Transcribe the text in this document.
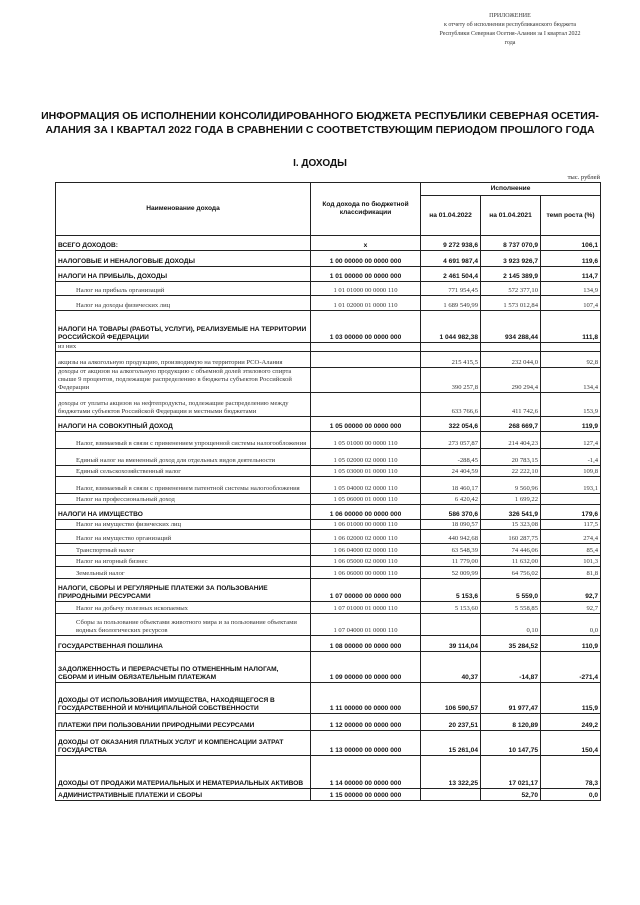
ПРИЛОЖЕНИЕ
к отчету об исполнении республиканского бюджета
Республики Северная Осетия-Алания за I квартал 2022
года
ИНФОРМАЦИЯ ОБ ИСПОЛНЕНИИ КОНСОЛИДИРОВАННОГО БЮДЖЕТА РЕСПУБЛИКИ СЕВЕРНАЯ ОСЕТИЯ-АЛАНИЯ ЗА I КВАРТАЛ 2022 ГОДА В СРАВНЕНИИ С СООТВЕТСТВУЮЩИМ ПЕРИОДОМ ПРОШЛОГО ГОДА
I. ДОХОДЫ
тыс. рублей
Наименование дохода	Код дохода по бюджетной классификации	Исполнение		
		на 01.04.2022	на 01.04.2021	темп роста (%)
ВСЕГО ДОХОДОВ:	х	9 272 938,6	8 737 070,9	106,1
НАЛОГОВЫЕ И НЕНАЛОГОВЫЕ ДОХОДЫ	1 00 00000 00 0000 000	4 691 987,4	3 923 926,7	119,6
НАЛОГИ НА ПРИБЫЛЬ, ДОХОДЫ	1 01 00000 00 0000 000	2 461 504,4	2 145 389,9	114,7
Налог на прибыль организаций	1 01 01000 00 0000 110	771 954,45	572 377,10	134,9
Налог на доходы физических лиц	1 01 02000 01 0000 110	1 689 549,99	1 573 012,84	107,4
НАЛОГИ НА ТОВАРЫ (РАБОТЫ, УСЛУГИ), РЕАЛИЗУЕМЫЕ НА ТЕРРИТОРИИ РОССИЙСКОЙ ФЕДЕРАЦИИ	1 03 00000 00 0000 000	1 044 982,38	934 288,44	111,8
из них				
акцизы на алкогольную продукцию, производимую на территории РСО-Алания		215 415,5	232 044,0	92,8
доходы от акцизов на алкогольную продукцию с объемной долей этилового спирта свыше 9 процентов, подлежащие распределению в бюджеты субъектов Российской Федерации		390 257,8	290 294,4	134,4
доходы от уплаты акцизов на нефтепродукты, подлежащие распределению между бюджетами субъектов Российской Федерации и местными бюджетами		633 766,6	411 742,6	153,9
НАЛОГИ НА СОВОКУПНЫЙ ДОХОД	1 05 00000 00 0000 000	322 054,6	268 669,7	119,9
Налог, взимаемый в связи с применением упрощенной системы налогообложения	1 05 01000 00 0000 110	273 057,87	214 404,23	127,4
Единый налог на вмененный доход для отдельных видов деятельности	1 05 02000 02 0000 110	-288,45	20 783,15	-1,4
Единый сельскохозяйственный налог	1 05 03000 01 0000 110	24 404,59	22 222,10	109,8
Налог, взимаемый в связи с применением патентной системы налогообложения	1 05 04000 02 0000 110	18 460,17	9 560,96	193,1
Налог на профессиональный доход	1 05 06000 01 0000 110	6 420,42	1 699,22	
НАЛОГИ НА ИМУЩЕСТВО	1 06 00000 00 0000 000	586 370,6	326 541,9	179,6
Налог на имущество физических лиц	1 06 01000 00 0000 110	18 090,57	15 323,08	117,5
Налог на имущество организаций	1 06 02000 02 0000 110	440 942,68	160 287,75	274,4
Транспортный налог	1 06 04000 02 0000 110	63 548,39	74 446,06	85,4
Налог на игорный бизнес	1 06 05000 02 0000 110	11 779,00	11 632,00	101,3
Земельный налог	1 06 06000 00 0000 110	52 009,99	64 756,02	81,8
НАЛОГИ, СБОРЫ И РЕГУЛЯРНЫЕ ПЛАТЕЖИ ЗА ПОЛЬЗОВАНИЕ ПРИРОДНЫМИ РЕСУРСАМИ	1 07 00000 00 0000 000	5 153,6	5 559,0	92,7
Налог на добычу полезных ископаемых	1 07 01000 01 0000 110	5 153,60	5 558,85	92,7
Сборы за пользование объектами животного мира и за пользование объектами водных биологических ресурсов	1 07 04000 01 0000 110		0,10	0,0
ГОСУДАРСТВЕННАЯ ПОШЛИНА	1 08 00000 00 0000 000	39 114,04	35 284,52	110,9
ЗАДОЛЖЕННОСТЬ И ПЕРЕРАСЧЕТЫ ПО ОТМЕНЕННЫМ НАЛОГАМ, СБОРАМ И ИНЫМ ОБЯЗАТЕЛЬНЫМ ПЛАТЕЖАМ	1 09 00000 00 0000 000	40,37	-14,87	-271,4
ДОХОДЫ ОТ ИСПОЛЬЗОВАНИЯ ИМУЩЕСТВА, НАХОДЯЩЕГОСЯ В ГОСУДАРСТВЕННОЙ И МУНИЦИПАЛЬНОЙ СОБСТВЕННОСТИ	1 11 00000 00 0000 000	106 590,57	91 977,47	115,9
ПЛАТЕЖИ ПРИ ПОЛЬЗОВАНИИ ПРИРОДНЫМИ РЕСУРСАМИ	1 12 00000 00 0000 000	20 237,51	8 120,89	249,2
ДОХОДЫ ОТ ОКАЗАНИЯ ПЛАТНЫХ УСЛУГ И КОМПЕНСАЦИИ ЗАТРАТ ГОСУДАРСТВА	1 13 00000 00 0000 000	15 261,04	10 147,75	150,4
ДОХОДЫ ОТ ПРОДАЖИ МАТЕРИАЛЬНЫХ И НЕМАТЕРИАЛЬНЫХ АКТИВОВ	1 14 00000 00 0000 000	13 322,25	17 021,17	78,3
АДМИНИСТРАТИВНЫЕ ПЛАТЕЖИ И СБОРЫ	1 15 00000 00 0000 000		52,70	0,0
